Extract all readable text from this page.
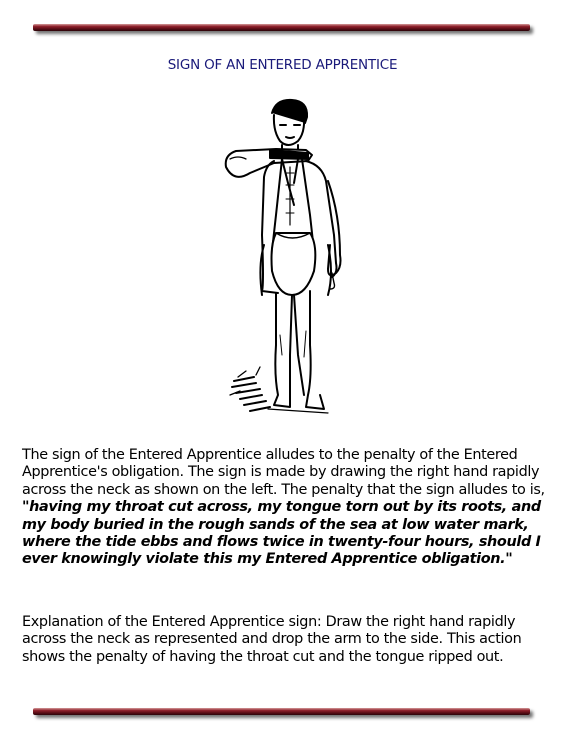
SIGN OF AN ENTERED APPRENTICE

The sign of the Entered Apprentice alludes to the penalty of the Entered Apprentice's obligation. The sign is made by drawing the right hand rapidly across the neck as shown on the left. The penalty that the sign alludes to is, "having my throat cut across, my tongue torn out by its roots, and my body buried in the rough sands of the sea at low water mark, where the tide ebbs and flows twice in twenty-four hours, should I ever knowingly violate this my Entered Apprentice obligation."

Explanation of the Entered Apprentice sign: Draw the right hand rapidly across the neck as represented and drop the arm to the side. This action shows the penalty of having the throat cut and the tongue ripped out.
